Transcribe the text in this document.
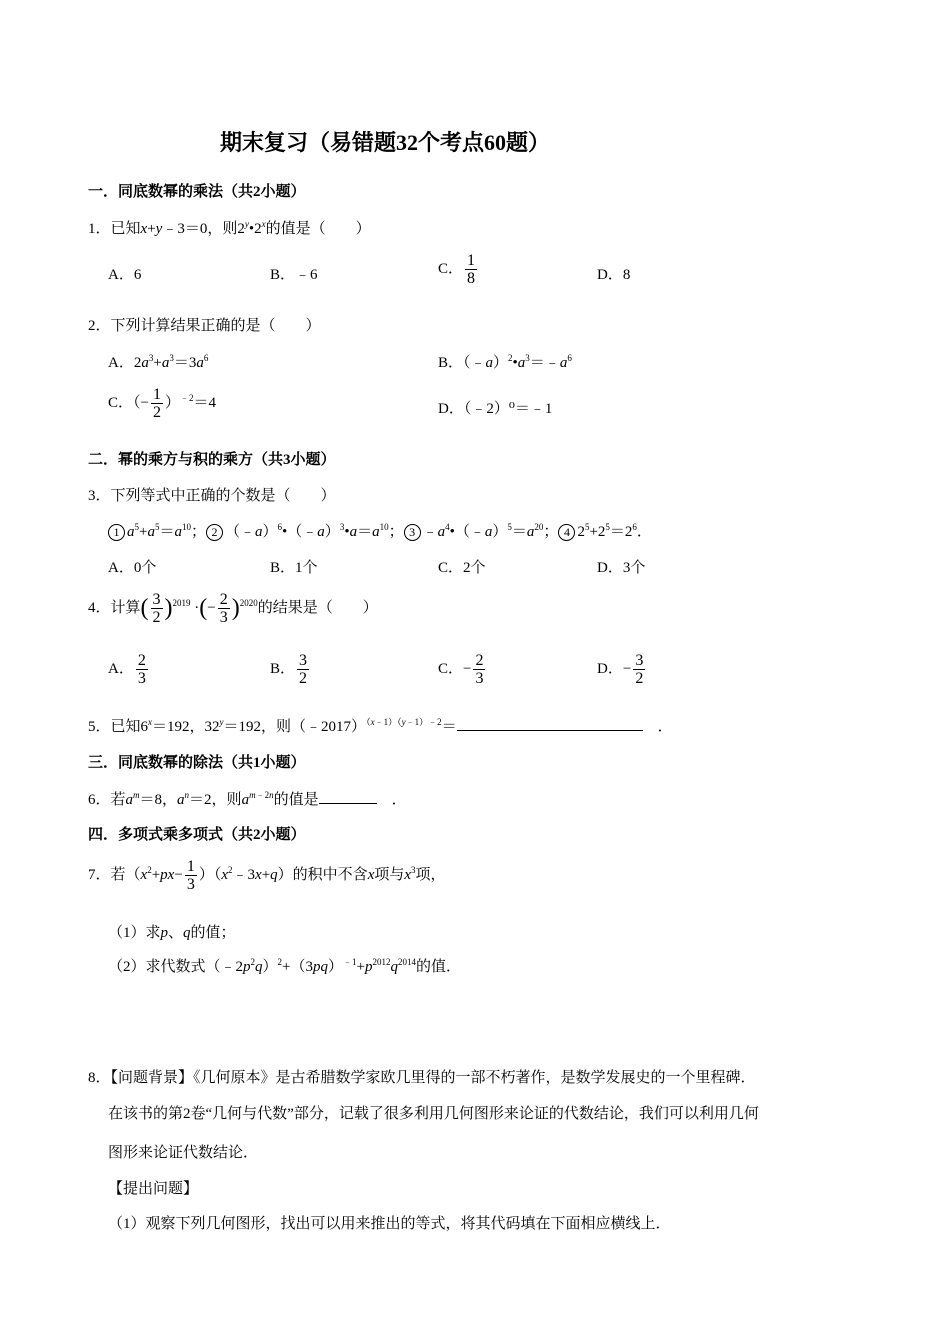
期末复习（易错题32个考点60题）
一．同底数幂的乘法（共2小题）
1．已知x+y﹣3＝0，则2$^y$•2$^x$的值是（　　）
A．6	B．﹣6	C． $\frac{1}{8}$	D．8
2．下列计算结果正确的是（　　）
A．$2a^3+a^3=3a^6$	B．$(﹣a)^2•a^3=﹣a^6$
C．（− $\frac{1}{2} )^{﹣2}=4$	D．（﹣2）⁰＝﹣1
二．幂的乘方与积的乘方（共3小题）
3．下列等式中正确的个数是（　　）
1 $a^5+a^5=a^{10}$； 2 $(﹣a)^6•(﹣a)^3•a=a^{10}$； 3 $﹣a^4•(﹣a)^5=a^{20}$； 4 $2^5+2^5=2^6$．
A．0个	B．1个	C．2个	D．3个
4．计算( $\frac{3}{2} )^{2019}$ ·(− $\frac{2}{3} )^{2020}$的结果是（　　）
A． $\frac{2}{3}$	B． $\frac{3}{2}$	C．− $\frac{2}{3}$	D．− $\frac{3}{2}$
5．已知$6^x=192$，$32^y=192$，则（﹣2017）$^{(x﹣1)(y﹣1)﹣2}$＝	　．
三．同底数幂的除法（共1小题）
6．若$a^m=8$，$a^n=2$，则$a^{m﹣2n}$的值是	　．
四．多项式乘多项式（共2小题）
7．若（$x^2+px- \frac{1}{3}$ ）$(x^2﹣3x+q)$的积中不含x项与$x^3$项，
（1）求p、q的值；
（2）求代数式$(﹣2p^2q)^2+(3pq)^{﹣1}+p^{2012}q^{2014}$的值．
8．【问题背景】《几何原本》是古希腊数学家欧几里得的一部不朽著作，是数学发展史的一个里程碑．
在该书的第2卷“几何与代数”部分，记载了很多利用几何图形来论证的代数结论，我们可以利用几何
图形来论证代数结论．
【提出问题】
（1）观察下列几何图形，找出可以用来推出的等式，将其代码填在下面相应横线上．
